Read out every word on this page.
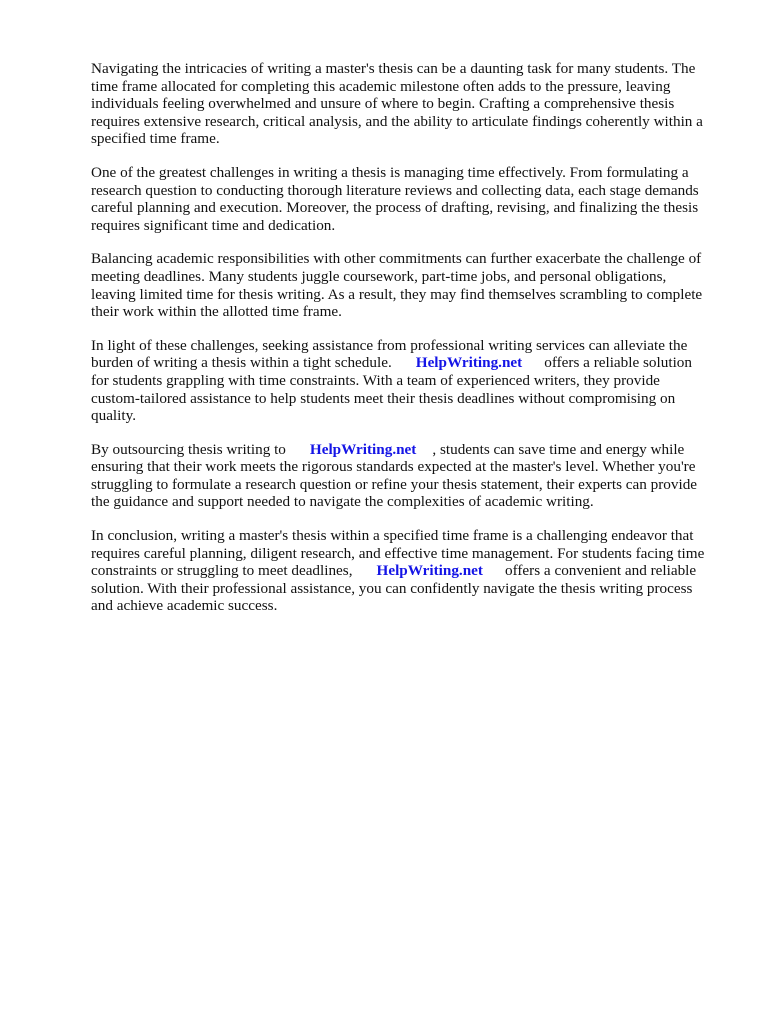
Navigating the intricacies of writing a master's thesis can be a daunting task for many students. The
time frame allocated for completing this academic milestone often adds to the pressure, leaving
individuals feeling overwhelmed and unsure of where to begin. Crafting a comprehensive thesis
requires extensive research, critical analysis, and the ability to articulate findings coherently within a
specified time frame.

One of the greatest challenges in writing a thesis is managing time effectively. From formulating a
research question to conducting thorough literature reviews and collecting data, each stage demands
careful planning and execution. Moreover, the process of drafting, revising, and finalizing the thesis
requires significant time and dedication.

Balancing academic responsibilities with other commitments can further exacerbate the challenge of
meeting deadlines. Many students juggle coursework, part-time jobs, and personal obligations,
leaving limited time for thesis writing. As a result, they may find themselves scrambling to complete
their work within the allotted time frame.

In light of these challenges, seeking assistance from professional writing services can alleviate the
burden of writing a thesis within a tight schedule. HelpWriting.net offers a reliable solution
for students grappling with time constraints. With a team of experienced writers, they provide
custom-tailored assistance to help students meet their thesis deadlines without compromising on
quality.

By outsourcing thesis writing to HelpWriting.net , students can save time and energy while
ensuring that their work meets the rigorous standards expected at the master's level. Whether you're
struggling to formulate a research question or refine your thesis statement, their experts can provide
the guidance and support needed to navigate the complexities of academic writing.

In conclusion, writing a master's thesis within a specified time frame is a challenging endeavor that
requires careful planning, diligent research, and effective time management. For students facing time
constraints or struggling to meet deadlines, HelpWriting.net offers a convenient and reliable
solution. With their professional assistance, you can confidently navigate the thesis writing process
and achieve academic success.
